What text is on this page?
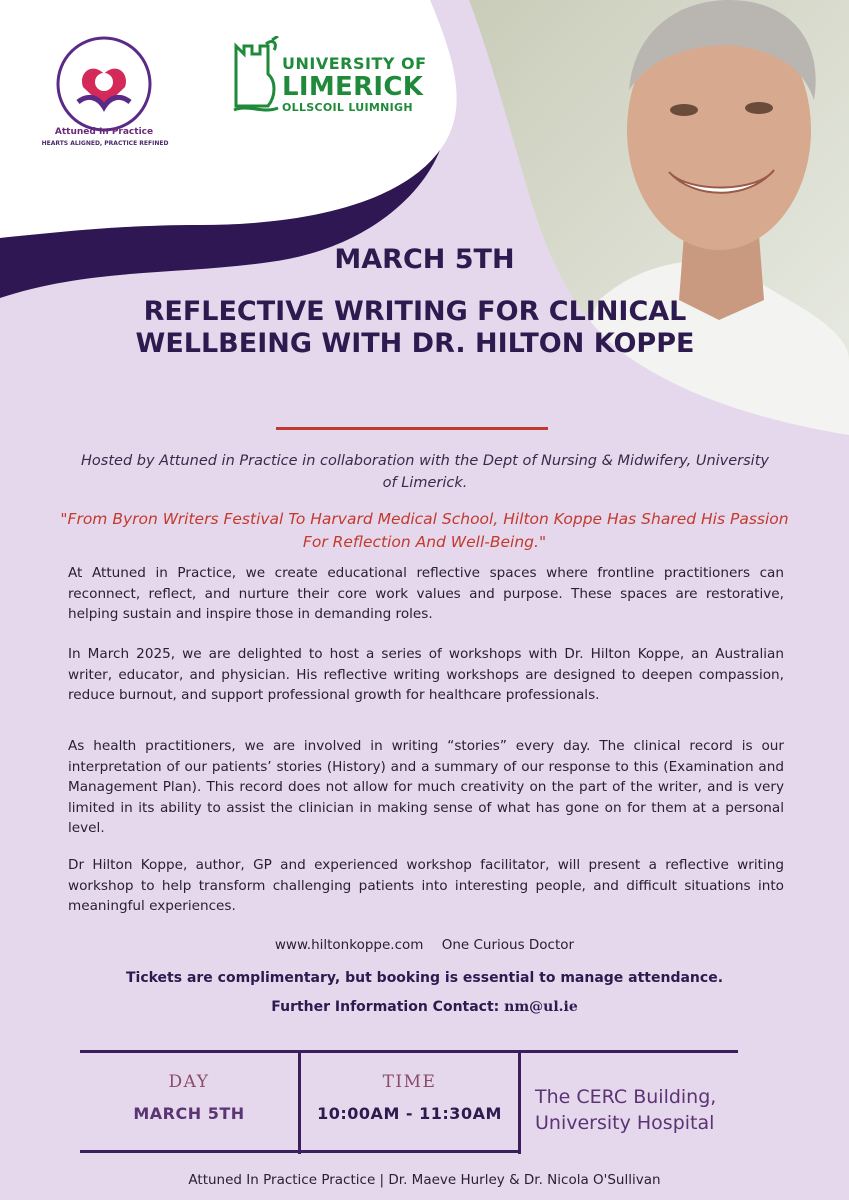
Attuned In Practice
HEARTS ALIGNED, PRACTICE REFINED
UNIVERSITY OF
LIMERICK
OLLSCOIL LUIMNIGH
MARCH 5TH
REFLECTIVE WRITING FOR CLINICAL WELLBEING WITH DR. HILTON KOPPE
Hosted by Attuned in Practice in collaboration with the Dept of Nursing & Midwifery, University of Limerick.
"From Byron Writers Festival To Harvard Medical School, Hilton Koppe Has Shared His Passion For Reflection And Well-Being."
At Attuned in Practice, we create educational reflective spaces where frontline practitioners can reconnect, reflect, and nurture their core work values and purpose. These spaces are restorative, helping sustain and inspire those in demanding roles.
In March 2025, we are delighted to host a series of workshops with Dr. Hilton Koppe, an Australian writer, educator, and physician. His reflective writing workshops are designed to deepen compassion, reduce burnout, and support professional growth for healthcare professionals.
As health practitioners, we are involved in writing “stories” every day. The clinical record is our interpretation of our patients’ stories (History) and a summary of our response to this (Examination and Management Plan). This record does not allow for much creativity on the part of the writer, and is very limited in its ability to assist the clinician in making sense of what has gone on for them at a personal level.
Dr Hilton Koppe, author, GP and experienced workshop facilitator, will present a reflective writing workshop to help transform challenging patients into interesting people, and difficult situations into meaningful experiences.
www.hiltonkoppe.com One Curious Doctor
Tickets are complimentary, but booking is essential to manage attendance.
Further Information Contact: nm@ul.ie
DAY
MARCH 5TH
TIME
10:00AM - 11:30AM
The CERC Building,
University Hospital
Attuned In Practice Practice | Dr. Maeve Hurley & Dr. Nicola O'Sullivan
